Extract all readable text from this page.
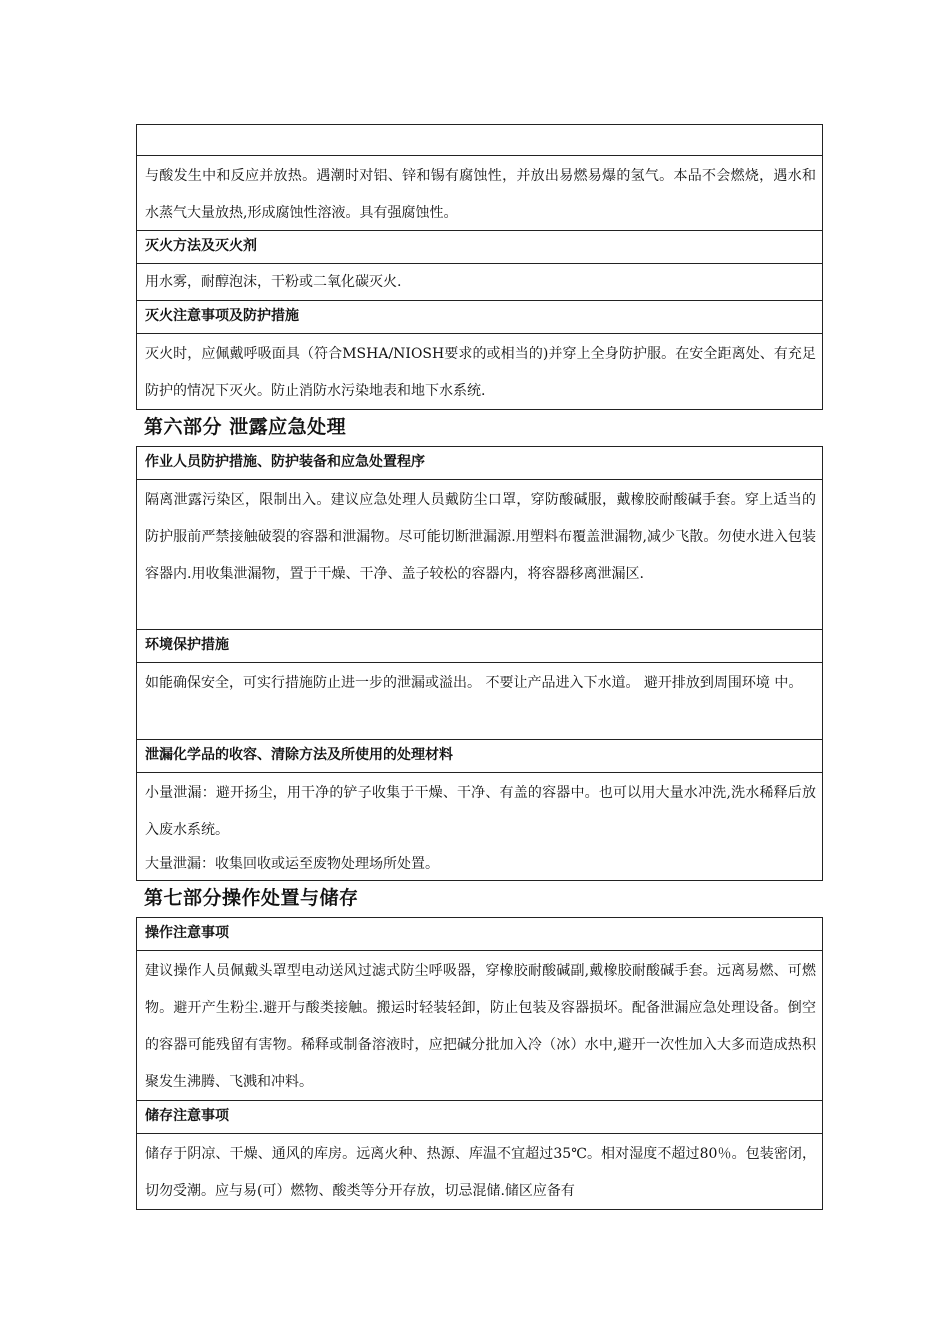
与酸发生中和反应并放热。遇潮时对铝、锌和锡有腐蚀性，并放出易燃易爆的氢气。本品不会燃烧，遇水和水蒸气大量放热,形成腐蚀性溶液。具有强腐蚀性。
灭火方法及灭火剂
用水雾，耐醇泡沫，干粉或二氧化碳灭火.
灭火注意事项及防护措施
灭火时，应佩戴呼吸面具（符合MSHA/NIOSH要求的或相当的)并穿上全身防护服。在安全距离处、有充足防护的情况下灭火。防止消防水污染地表和地下水系统.
第六部分 泄露应急处理
作业人员防护措施、防护装备和应急处置程序
隔离泄露污染区，限制出入。建议应急处理人员戴防尘口罩，穿防酸碱服，戴橡胶耐酸碱手套。穿上适当的防护服前严禁接触破裂的容器和泄漏物。尽可能切断泄漏源.用塑料布覆盖泄漏物,减少飞散。勿使水进入包装容器内.用收集泄漏物，置于干燥、干净、盖子较松的容器内，将容器移离泄漏区.
环境保护措施
如能确保安全，可实行措施防止进一步的泄漏或溢出。 不要让产品进入下水道。 避开排放到周围环境 中。
泄漏化学品的收容、清除方法及所使用的处理材料

小量泄漏：避开扬尘，用干净的铲子收集于干燥、干净、有盖的容器中。也可以用大量水冲洗,洗水稀释后放入废水系统。

大量泄漏：收集回收或运至废物处理场所处置。

第七部分操作处置与储存
操作注意事项
建议操作人员佩戴头罩型电动送风过滤式防尘呼吸器，穿橡胶耐酸碱副,戴橡胶耐酸碱手套。远离易燃、可燃物。避开产生粉尘.避开与酸类接触。搬运时轻装轻卸，防止包装及容器损坏。配备泄漏应急处理设备。倒空的容器可能残留有害物。稀释或制备溶液时，应把碱分批加入冷（冰）水中,避开一次性加入大多而造成热积聚发生沸腾、飞溅和冲料。
储存注意事项
储存于阴凉、干燥、通风的库房。远离火种、热源、库温不宜超过35℃。相对湿度不超过80％。包装密闭，切勿受潮。应与易(可）燃物、酸类等分开存放，切忌混储.储区应备有
